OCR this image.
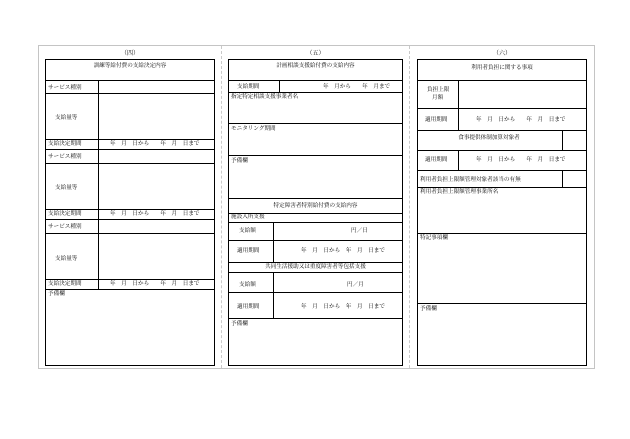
（四）
訓練等給付費の支給決定内容
サービス種別
支給量等
支給決定期間	年　月　日から　　年　月　日まで
サービス種別
支給量等
支給決定期間	年　月　日から　　年　月　日まで
サービス種別
支給量等
支給決定期間	年　月　日から　　年　月　日まで
予備欄
（五）
計画相談支援給付費の支給内容
支給期間	年　月から　　年　月まで
指定特定相談支援事業者名
モニタリング期間
予備欄
特定障害者特別給付費の支給内容
施設入所支援
支給額	円／日
適用期間	年　月　日から　年　月　日まで
共同生活援助又は重度障害者等包括支援
支給額	円／月
適用期間	年　月　日から　年　月　日まで
予備欄
（六）
利用者負担に関する事項
負担上限
月額
適用期間	年　月　日から　　年　月　日まで
食事提供体制加算対象者
適用期間	年　月　日から　　年　月　日まで
利用者負担上限額管理対象者該当の有無
利用者負担上限額管理事業所名
特記事項欄
予備欄
